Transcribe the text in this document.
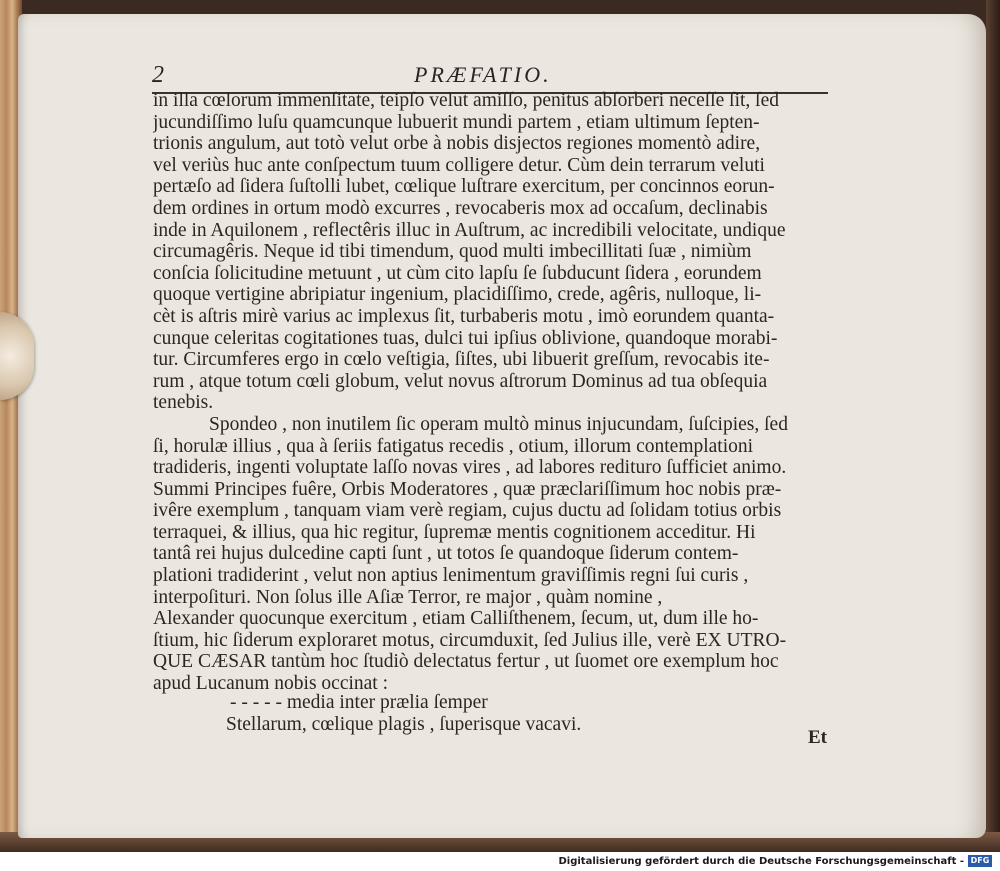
2	PRÆFATIO.
in illa cœlorum immenſitate, teipſo velut amiſſo, penitus abſorberi neceſſe ſit, ſed
jucundiſſimo luſu quamcunque lubuerit mundi partem , etiam ultimum ſepten-
trionis angulum, aut totò velut orbe à nobis disjectos regiones momentò adire,
vel veriùs huc ante conſpectum tuum colligere detur. Cùm dein terrarum veluti
pertæſo ad ſidera ſuſtolli lubet, cœlique luſtrare exercitum, per concinnos eorun-
dem ordines in ortum modò excurres , revocaberis mox ad occaſum, declinabis
inde in Aquilonem , reflectêris illuc in Auſtrum, ac incredibili velocitate, undique
circumagêris. Neque id tibi timendum, quod multi imbecillitati ſuæ , nimiùm
conſcia ſolicitudine metuunt , ut cùm cito lapſu ſe ſubducunt ſidera , eorundem
quoque vertigine abripiatur ingenium, placidiſſimo, crede, agêris, nulloque, li-
cèt is aſtris mirè varius ac implexus ſit, turbaberis motu , imò eorundem quanta-
cunque celeritas cogitationes tuas, dulci tui ipſius oblivione, quandoque morabi-
tur. Circumferes ergo in cœlo veſtigia, ſiſtes, ubi libuerit greſſum, revocabis ite-
rum , atque totum cœli globum, velut novus aſtrorum Dominus ad tua obſequia
tenebis.
Spondeo , non inutilem ſic operam multò minus injucundam, ſuſcipies, ſed
ſi, horulæ illius , qua à ſeriis fatigatus recedis , otium, illorum contemplationi
tradideris, ingenti voluptate laſſo novas vires , ad labores redituro ſufficiet animo.
Summi Principes fuêre, Orbis Moderatores , quæ præclariſſimum hoc nobis præ-
ivêre exemplum , tanquam viam verè regiam, cujus ductu ad ſolidam totius orbis
terraquei, & illius, qua hic regitur, ſupremæ mentis cognitionem acceditur. Hi
tantâ rei hujus dulcedine capti ſunt , ut totos ſe quandoque ſiderum contem-
plationi tradiderint , velut non aptius lenimentum graviſſimis regni ſui curis ,
interpoſituri. Non ſolus ille Aſiæ Terror, re major , quàm nomine ,
Alexander quocunque exercitum , etiam Calliſthenem, ſecum, ut, dum ille ho-
ſtium, hic ſiderum exploraret motus, circumduxit, ſed Julius ille, verè EX UTRO-
QUE CÆSAR tantùm hoc ſtudiò delectatus fertur , ut ſuomet ore exemplum hoc
apud Lucanum nobis occinat :
- - - - - media inter prælia ſemper
Stellarum, cœlique plagis , ſuperisque vacavi.
Et
Digitalisierung gefördert durch die Deutsche Forschungsgemeinschaft - DFG
